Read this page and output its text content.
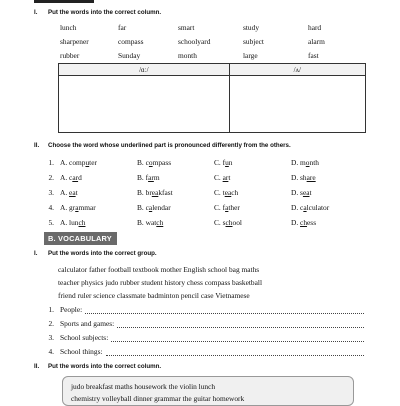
I. Put the words into the correct column.
lunch	far	smart	study	hard
sharpener	compass	schoolyard	subject	alarm
rubber	Sunday	month	large	fast
/ɑː/	/ʌ/

II. Choose the word whose underlined part is pronounced differently from the others.
1. A. computer	B. compass	C. fun	D. month
2. A. card	B. farm	C. art	D. share
3. A. eat	B. breakfast	C. teach	D. seat
4. A. grammar	B. calendar	C. father	D. calculator
5. A. lunch	B. watch	C. school	D. chess
B. VOCABULARY
I. Put the words into the correct group.
calculator father football textbook mother English school bag maths
teacher physics judo rubber student history chess compass basketball
friend ruler science classmate badminton pencil case Vietnamese
1. People:
2. Sports and games:
3. School subjects:
4. School things:
II. Put the words into the correct column.
judo breakfast maths housework the violin lunch
chemistry volleyball dinner grammar the guitar homework
